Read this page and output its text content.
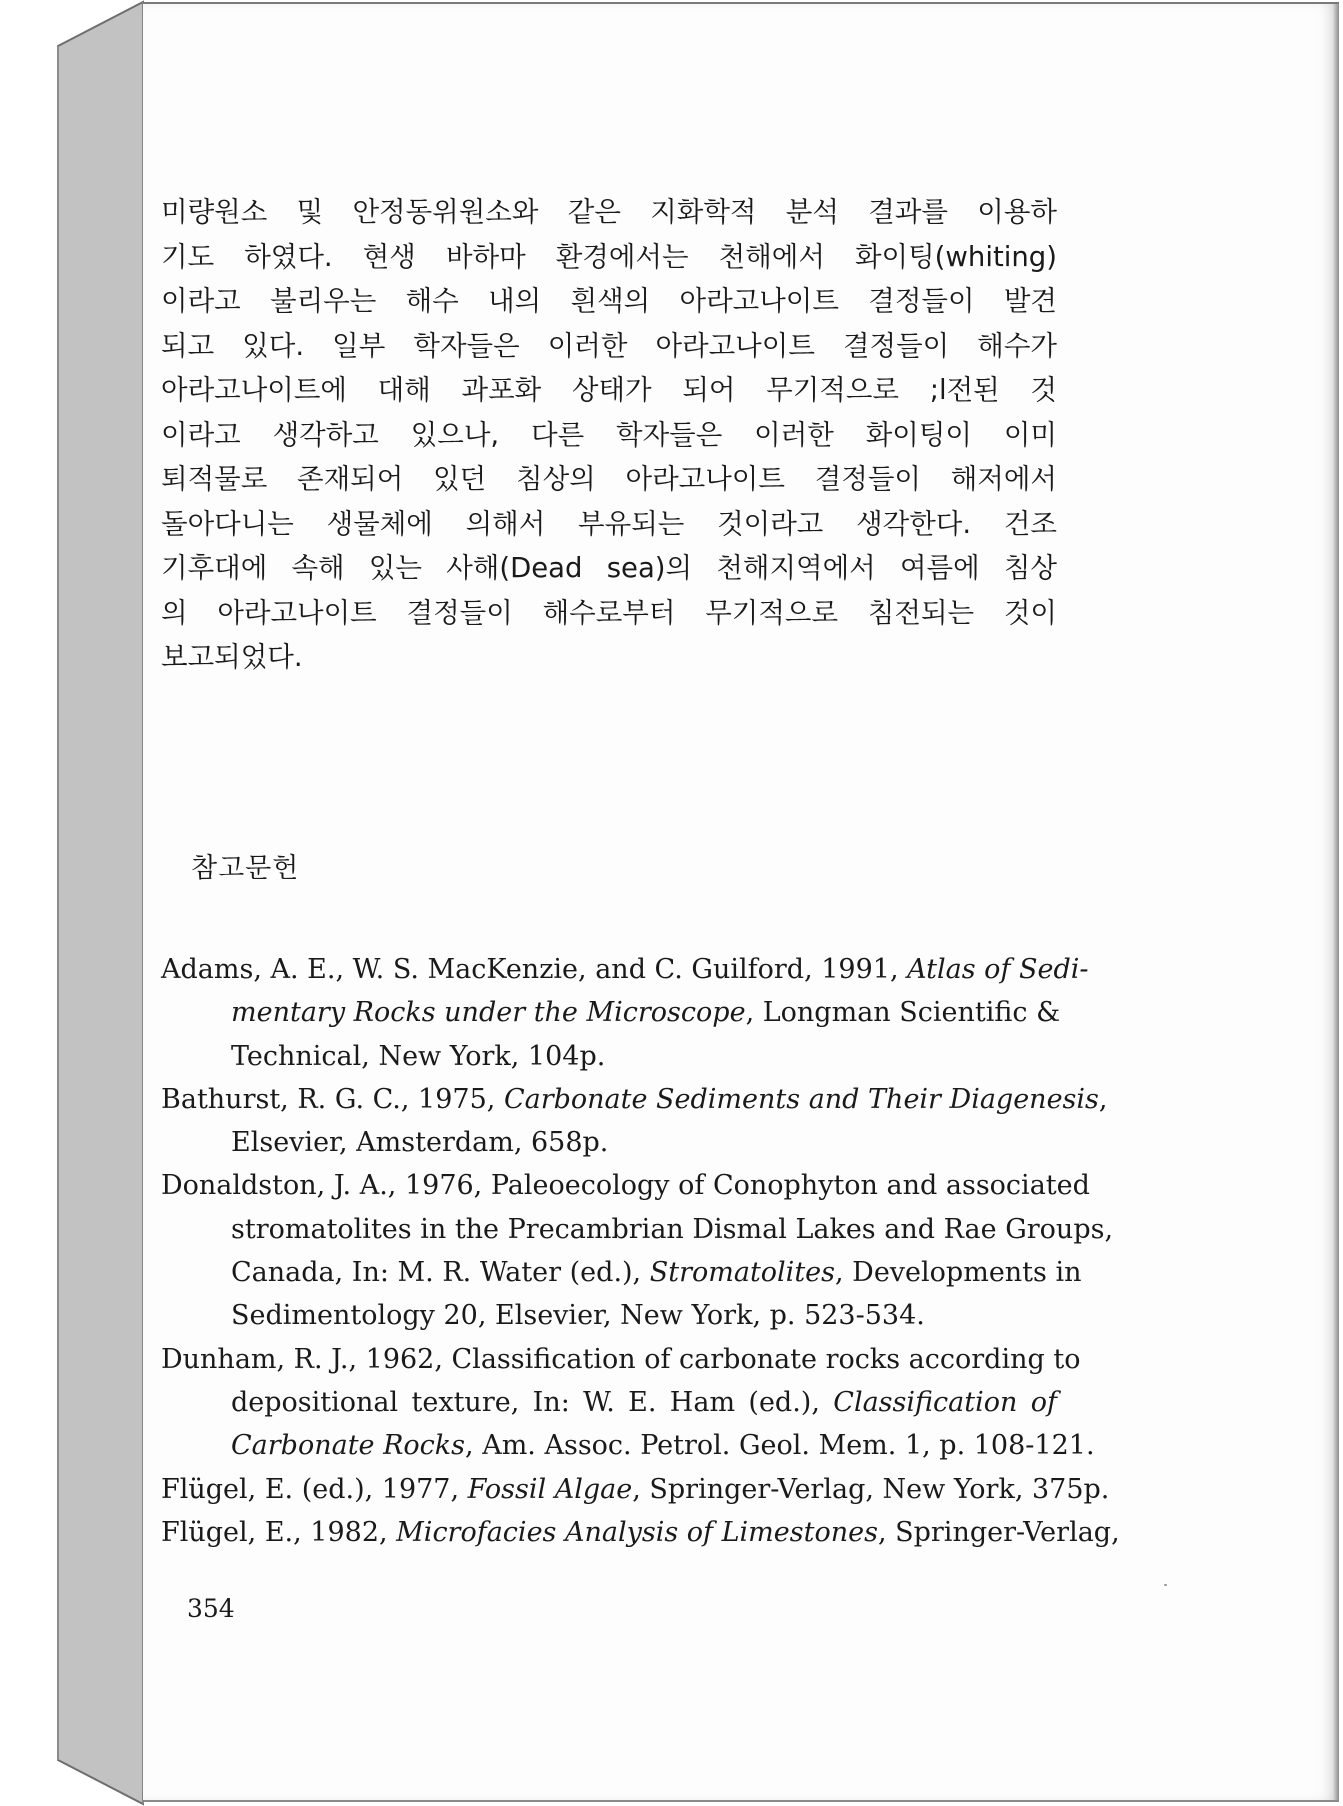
미량원소 및 안정동위원소와 같은 지화학적 분석 결과를 이용하
기도 하였다. 현생 바하마 환경에서는 천해에서 화이팅(whiting)
이라고 불리우는 해수 내의 흰색의 아라고나이트 결정들이 발견
되고 있다. 일부 학자들은 이러한 아라고나이트 결정들이 해수가
아라고나이트에 대해 과포화 상태가 되어 무기적으로 ;l전된 것
이라고 생각하고 있으나, 다른 학자들은 이러한 화이팅이 이미
퇴적물로 존재되어 있던 침상의 아라고나이트 결정들이 해저에서
돌아다니는 생물체에 의해서 부유되는 것이라고 생각한다. 건조
기후대에 속해 있는 사해(Dead sea)의 천해지역에서 여름에 침상
의 아라고나이트 결정들이 해수로부터 무기적으로 침전되는 것이
보고되었다.
참고문헌
Adams, A. E., W. S. MacKenzie, and C. Guilford, 1991, Atlas of Sedi-
mentary Rocks under the Microscope, Longman Scientific &
Technical, New York, 104p.
Bathurst, R. G. C., 1975, Carbonate Sediments and Their Diagenesis,
Elsevier, Amsterdam, 658p.
Donaldston, J. A., 1976, Paleoecology of Conophyton and associated
stromatolites in the Precambrian Dismal Lakes and Rae Groups,
Canada, In: M. R. Water (ed.), Stromatolites, Developments in
Sedimentology 20, Elsevier, New York, p. 523-534.
Dunham, R. J., 1962, Classification of carbonate rocks according to
depositional texture, In: W. E. Ham (ed.), Classification of
Carbonate Rocks, Am. Assoc. Petrol. Geol. Mem. 1, p. 108-121.
Flügel, E. (ed.), 1977, Fossil Algae, Springer-Verlag, New York, 375p.
Flügel, E., 1982, Microfacies Analysis of Limestones, Springer-Verlag,
354
